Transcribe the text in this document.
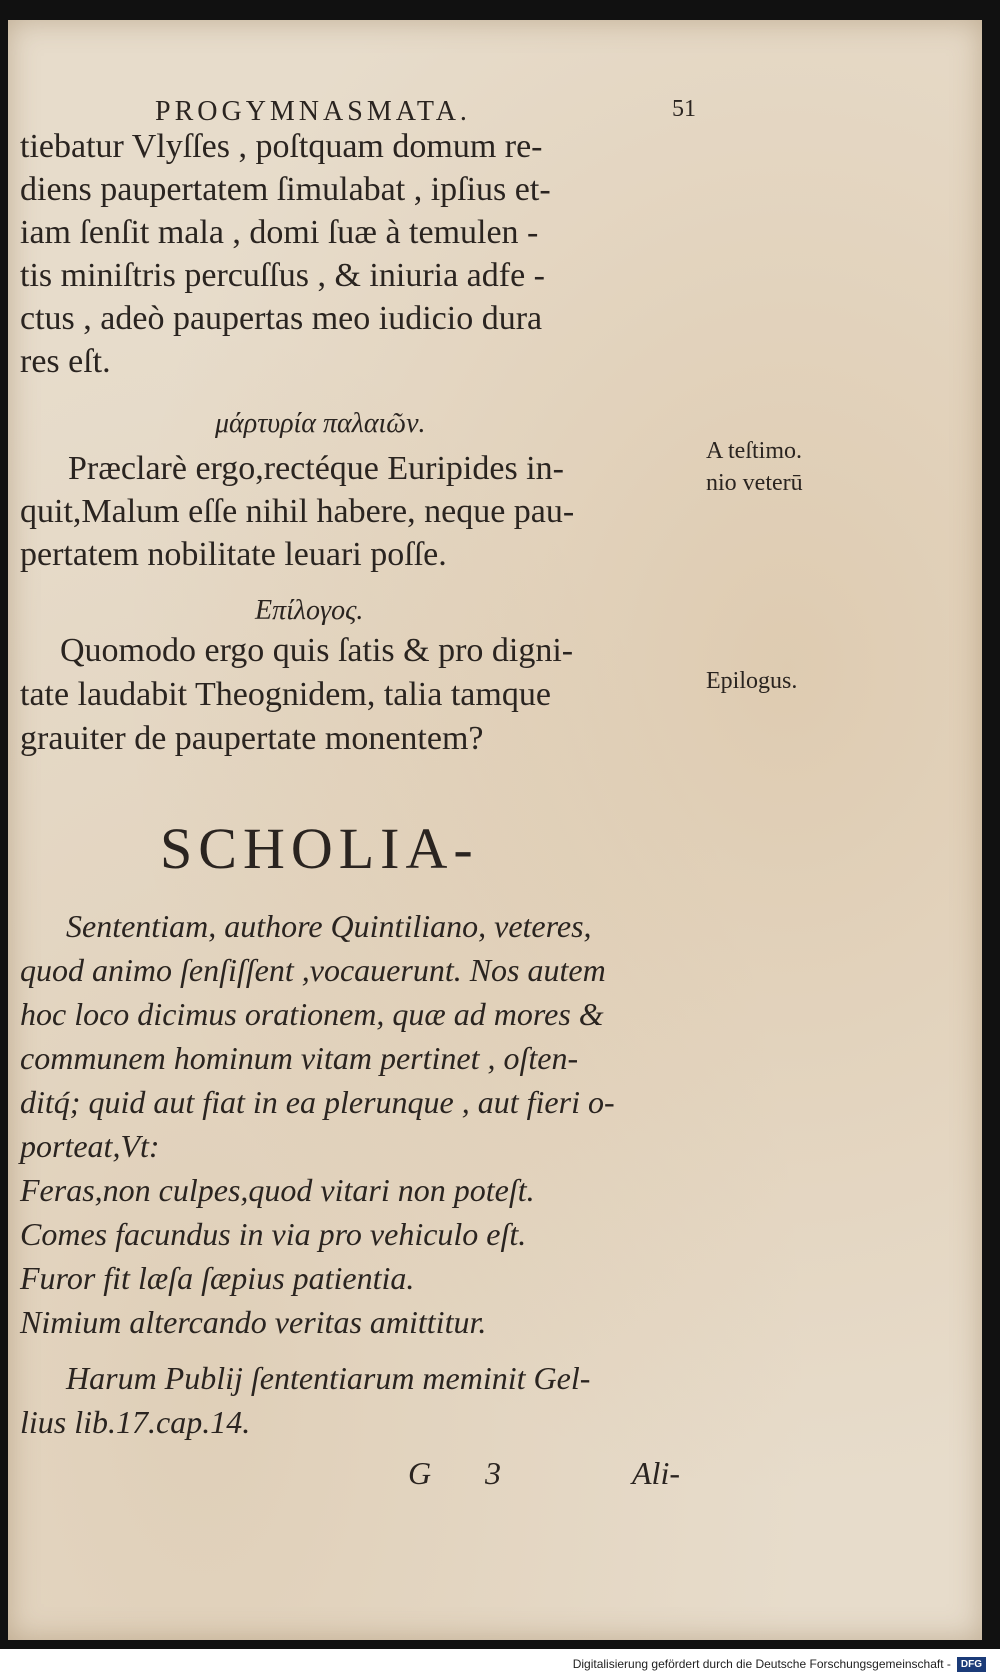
PROGYMNASMATA.	51
tiebatur Vlyſſes , poſtquam domum re-
diens paupertatem ſimulabat , ipſius et-
iam ſenſit mala , domi ſuæ à temulen -
tis miniſtris percuſſus , & iniuria adfe -
ctus , adeò paupertas meo iudicio dura
res eſt.
μάρτυρία παλαιῶν.
Præclarè ergo,rectéque Euripides in-
quit,Malum eſſe nihil habere, neque pau-
pertatem nobilitate leuari poſſe.
A teſtimo.
nio veterū
Επίλογος.
Quomodo ergo quis ſatis & pro digni-
tate laudabit Theognidem, talia tamque
grauiter de paupertate monentem?
Epilogus.
SCHOLIA-
Sententiam, authore Quintiliano, veteres,
quod animo ſenſiſſent ,vocauerunt. Nos autem
hoc loco dicimus orationem, quæ ad mores &
communem hominum vitam pertinet , oſten-
ditq́; quid aut fiat in ea plerunque , aut fieri o-
porteat,Vt:
Feras,non culpes,quod vitari non poteſt.
Comes facundus in via pro vehiculo eſt.
Furor fit læſa ſæpius patientia.
Nimium altercando veritas amittitur.
Harum Publij ſententiarum meminit Gel-
lius lib.17.cap.14.
G 3	Ali-
Digitalisierung gefördert durch die Deutsche Forschungsgemeinschaft -	DFG
